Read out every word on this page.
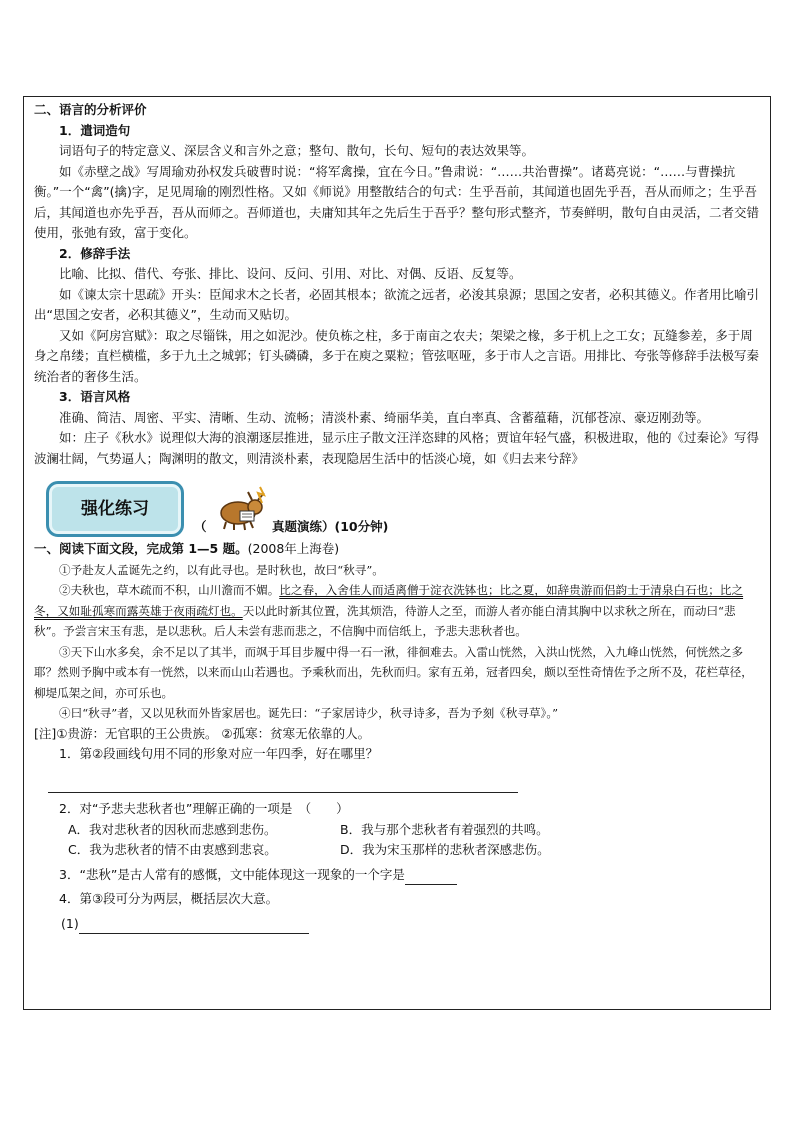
二、语言的分析评价

1．遣词造句

词语句子的特定意义、深层含义和言外之意；整句、散句，长句、短句的表达效果等。

如《赤壁之战》写周瑜劝孙权发兵破曹时说：“将军禽操，宜在今日。”鲁肃说：“……共治曹操”。诸葛亮说：“……与曹操抗衡。”一个“禽”(擒)字，足见周瑜的刚烈性格。又如《师说》用整散结合的句式：生乎吾前，其闻道也固先乎吾，吾从而师之；生乎吾后，其闻道也亦先乎吾，吾从而师之。吾师道也，夫庸知其年之先后生于吾乎？整句形式整齐，节奏鲜明，散句自由灵活，二者交错使用，张弛有致，富于变化。

2．修辞手法

比喻、比拟、借代、夸张、排比、设问、反问、引用、对比、对偶、反语、反复等。

如《谏太宗十思疏》开头：臣闻求木之长者，必固其根本；欲流之远者，必浚其泉源；思国之安者，必积其德义。作者用比喻引出“思国之安者，必积其德义”，生动而又贴切。

又如《阿房宫赋》：取之尽锱铢，用之如泥沙。使负栋之柱，多于南亩之农夫；架梁之椽，多于机上之工女；瓦缝参差，多于周身之帛缕；直栏横槛，多于九土之城郭；钉头磷磷，多于在庾之粟粒；管弦呕哑，多于市人之言语。用排比、夸张等修辞手法极写秦统治者的奢侈生活。

3．语言风格

准确、简洁、周密、平实、清晰、生动、流畅；清淡朴素、绮丽华美，直白率真、含蓄蕴藉，沉郁苍凉、豪迈刚劲等。

如：庄子《秋水》说理似大海的浪潮逐层推进，显示庄子散文汪洋恣肆的风格；贾谊年轻气盛，积极进取，他的《过秦论》写得波澜壮阔，气势逼人；陶渊明的散文，则清淡朴素，表现隐居生活中的恬淡心境，如《归去来兮辞》

强化练习
（	真题演练）(10分钟)

一、阅读下面文段，完成第 1—5 题。(2008年上海卷)

①予赴友人孟诞先之约，以有此寻也。是时秋也，故曰“秋寻”。

②夫秋也，草木疏而不积，山川澹而不媚。比之春，入舍佳人而适离僧于淀衣洗钵也；比之夏，如辞贵游而侣韵士于清泉白石也；比之冬，又如耻孤寒而露英雄于夜雨疏灯也。天以此时新其位置，洗其烦浩，待游人之至，而游人者亦能白清其胸中以求秋之所在，而动曰“悲秋”。予尝言宋玉有悲，是以悲秋。后人未尝有悲而悲之，不信胸中而信纸上，予悲夫悲秋者也。

③天下山水多矣，余不足以了其半，而飒于耳目步履中得一石一湫，徘徊难去。入雷山恍然，入洪山恍然，入九峰山恍然，何恍然之多耶？然则予胸中或本有一恍然，以来而山山若遇也。予乘秋而出，先秋而归。家有五弟，冠者四矣，颇以至性奇情佐予之所不及，花栏草径，柳堤瓜架之间，亦可乐也。

④曰“秋寻”者，又以见秋而外皆家居也。诞先曰：“子家居诗少，秋寻诗多，吾为予刻《秋寻草》。”

[注]①贵游：无官职的王公贵族。 ②孤寒：贫寒无依靠的人。

1．第②段画线句用不同的形象对应一年四季，好在哪里？

2．对“予悲夫悲秋者也”理解正确的一项是　（　　）

A．我对悲秋者的因秋而悲感到悲伤。	B．我与那个悲秋者有着强烈的共鸣。
C．我为悲秋者的情不由衷感到悲哀。	D．我为宋玉那样的悲秋者深感悲伤。

3．“悲秋”是古人常有的感慨，文中能体现这一现象的一个字是

4．第③段可分为两层，概括层次大意。

(1)
